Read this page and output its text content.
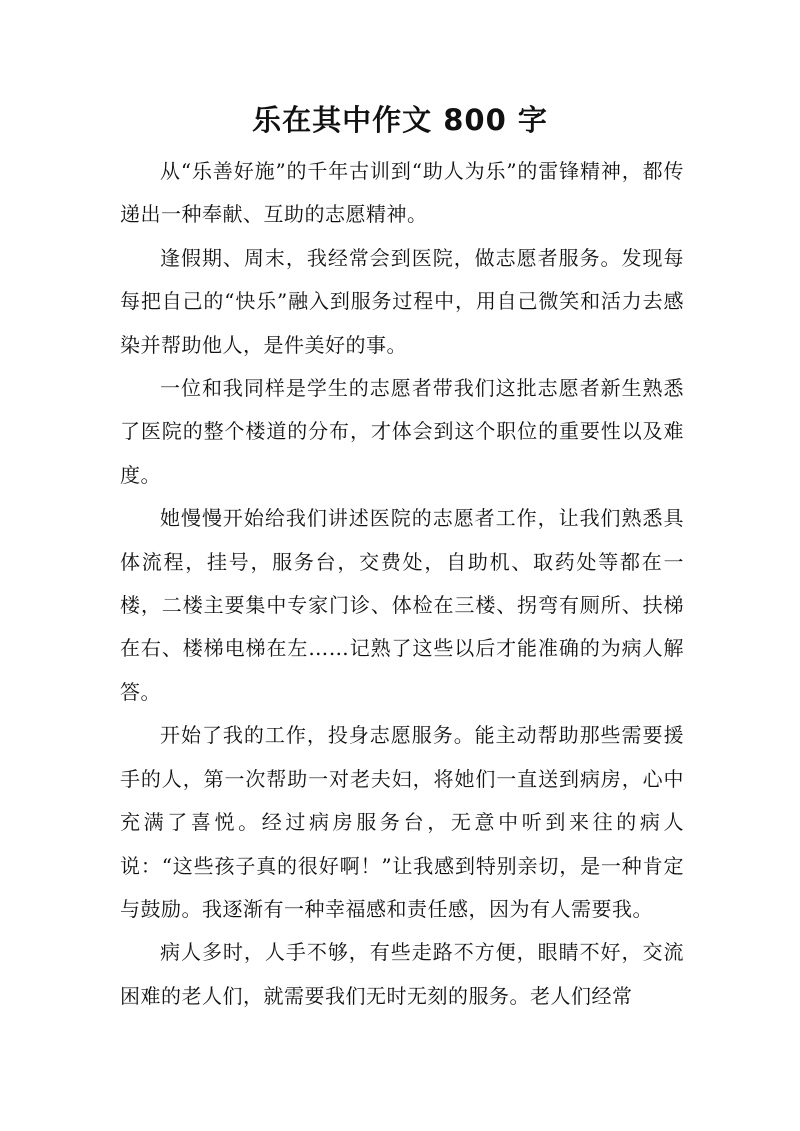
乐在其中作文 800 字

从“乐善好施”的千年古训到“助人为乐”的雷锋精神，都传递出一种奉献、互助的志愿精神。

逢假期、周末，我经常会到医院，做志愿者服务。发现每每把自己的“快乐”融入到服务过程中，用自己微笑和活力去感染并帮助他人，是件美好的事。

一位和我同样是学生的志愿者带我们这批志愿者新生熟悉了医院的整个楼道的分布，才体会到这个职位的重要性以及难度。

她慢慢开始给我们讲述医院的志愿者工作，让我们熟悉具体流程，挂号，服务台，交费处，自助机、取药处等都在一楼，二楼主要集中专家门诊、体检在三楼、拐弯有厕所、扶梯在右、楼梯电梯在左……记熟了这些以后才能准确的为病人解答。

开始了我的工作，投身志愿服务。能主动帮助那些需要援手的人，第一次帮助一对老夫妇，将她们一直送到病房，心中充满了喜悦。经过病房服务台，无意中听到来往的病人说：“这些孩子真的很好啊！”让我感到特别亲切，是一种肯定与鼓励。我逐渐有一种幸福感和责任感，因为有人需要我。

病人多时，人手不够，有些走路不方便，眼睛不好，交流困难的老人们，就需要我们无时无刻的服务。老人们经常
